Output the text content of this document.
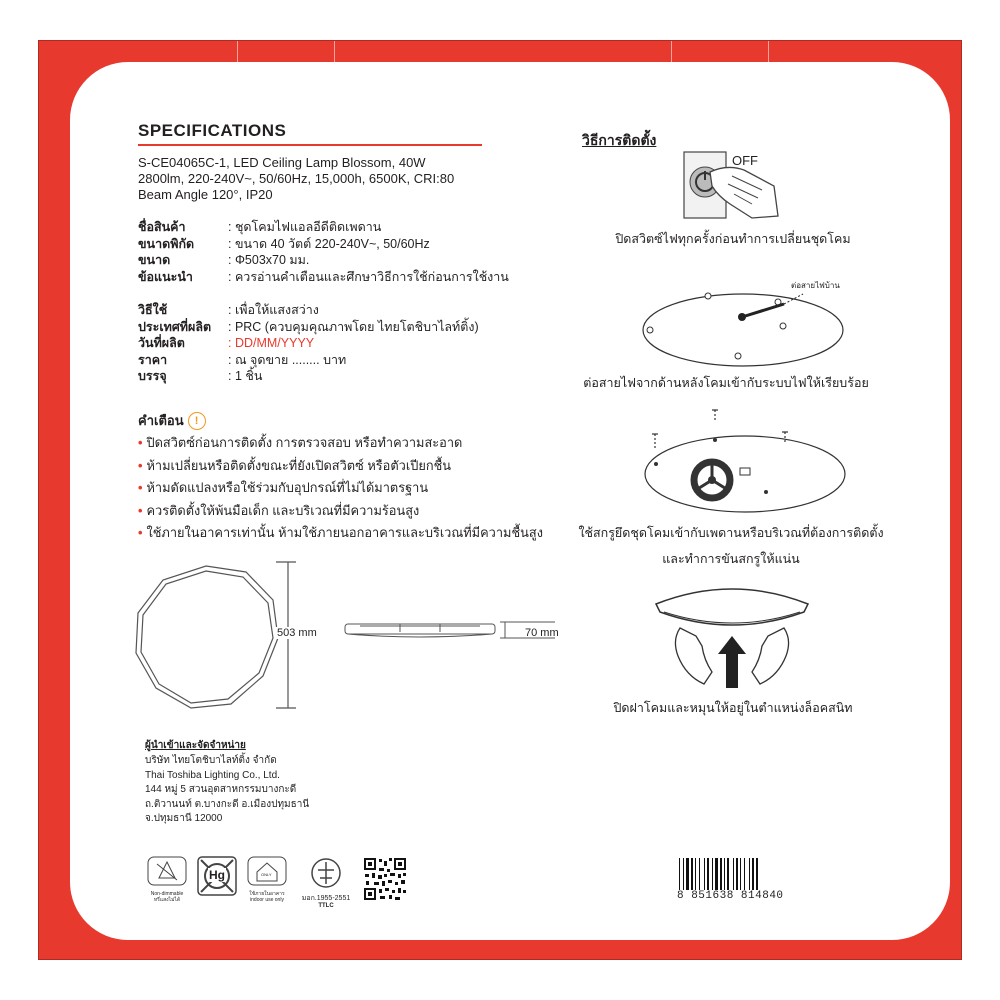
SPECIFICATIONS
S-CE04065C-1, LED Ceiling Lamp Blossom, 40W
2800lm, 220-240V~, 50/60Hz, 15,000h, 6500K, CRI:80
Beam Angle 120°, IP20
ชื่อสินค้า	: ชุดโคมไฟแอลอีดีติดเพดาน
ขนาดพิกัด	: ขนาด 40 วัตต์ 220-240V~, 50/60Hz
ขนาด	: Φ503x70 มม.
ข้อแนะนำ	: ควรอ่านคำเตือนและศึกษาวิธีการใช้ก่อนการใช้งาน
วิธีใช้	: เพื่อให้แสงสว่าง
ประเทศที่ผลิต	: PRC (ควบคุมคุณภาพโดย ไทยโตชิบาไลท์ติ้ง)
วันที่ผลิต	: DD/MM/YYYY
ราคา	: ณ จุดขาย ........ บาท
บรรจุ	: 1 ชิ้น
คำเตือน	!
• ปิดสวิตซ์ก่อนการติดตั้ง การตรวจสอบ หรือทำความสะอาด
• ห้ามเปลี่ยนหรือติดตั้งขณะที่ยังเปิดสวิตซ์ หรือตัวเปียกชื้น
• ห้ามดัดแปลงหรือใช้ร่วมกับอุปกรณ์ที่ไม่ได้มาตรฐาน
• ควรติดตั้งให้พ้นมือเด็ก และบริเวณที่มีความร้อนสูง
• ใช้ภายในอาคารเท่านั้น ห้ามใช้ภายนอกอาคารและบริเวณที่มีความชื้นสูง
503 mm	70 mm
ผู้นำเข้าและจัดจำหน่าย
บริษัท ไทยโตชิบาไลท์ติ้ง จำกัด
Thai Toshiba Lighting Co., Ltd.
144 หมู่ 5 สวนอุตสาหกรรมบางกะดี
ถ.ติวานนท์ ต.บางกะดี อ.เมืองปทุมธานี
จ.ปทุมธานี 12000
Non-dimmable
หรี่แสงไม่ได้
Hg	ONLY
ใช้ภายในอาคาร
indoor use only	มอก.1955-2551
TTLC
วิธีการติดตั้ง
OFF
ปิดสวิตซ์ไฟทุกครั้งก่อนทำการเปลี่ยนชุดโคม
ต่อสายไฟบ้าน
ต่อสายไฟจากด้านหลังโคมเข้ากับระบบไฟให้เรียบร้อย
ใช้สกรูยึดชุดโคมเข้ากับเพดานหรือบริเวณที่ต้องการติดตั้ง
และทำการขันสกรูให้แน่น
ปิดฝาโคมและหมุนให้อยู่ในตำแหน่งล็อคสนิท
8 851638 814840
